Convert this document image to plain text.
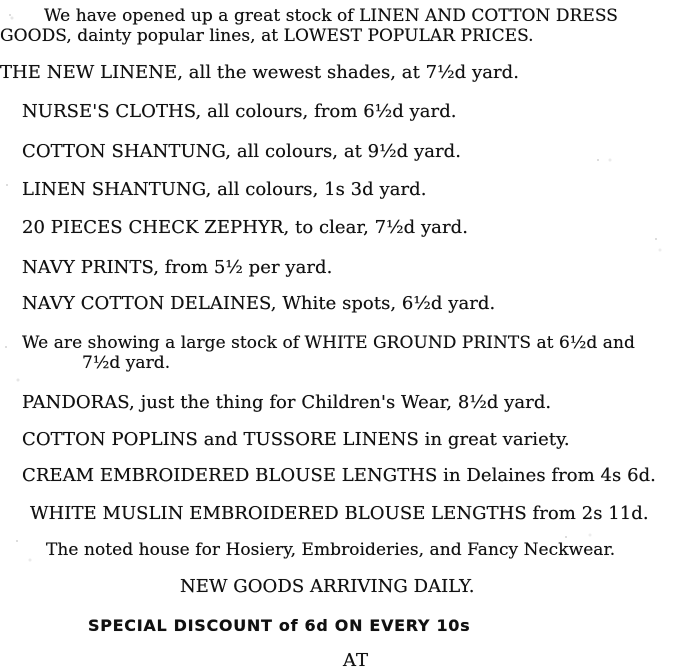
We have opened up a great stock of LINEN AND COTTON DRESS
GOODS, dainty popular lines, at LOWEST POPULAR PRICES.
THE NEW LINENE, all the wewest shades, at 7½d yard.
NURSE'S CLOTHS, all colours, from 6½d yard.
COTTON SHANTUNG, all colours, at 9½d yard.
LINEN SHANTUNG, all colours, 1s 3d yard.
20 PIECES CHECK ZEPHYR, to clear, 7½d yard.
NAVY PRINTS, from 5½ per yard.
NAVY COTTON DELAINES, White spots, 6½d yard.
We are showing a large stock of WHITE GROUND PRINTS at 6½d and
7½d yard.
PANDORAS, just the thing for Children's Wear, 8½d yard.
COTTON POPLINS and TUSSORE LINENS in great variety.
CREAM EMBROIDERED BLOUSE LENGTHS in Delaines from 4s 6d.
WHITE MUSLIN EMBROIDERED BLOUSE LENGTHS from 2s 11d.
The noted house for Hosiery, Embroideries, and Fancy Neckwear.
NEW GOODS ARRIVING DAILY.
SPECIAL DISCOUNT of 6d ON EVERY 10s
AT
